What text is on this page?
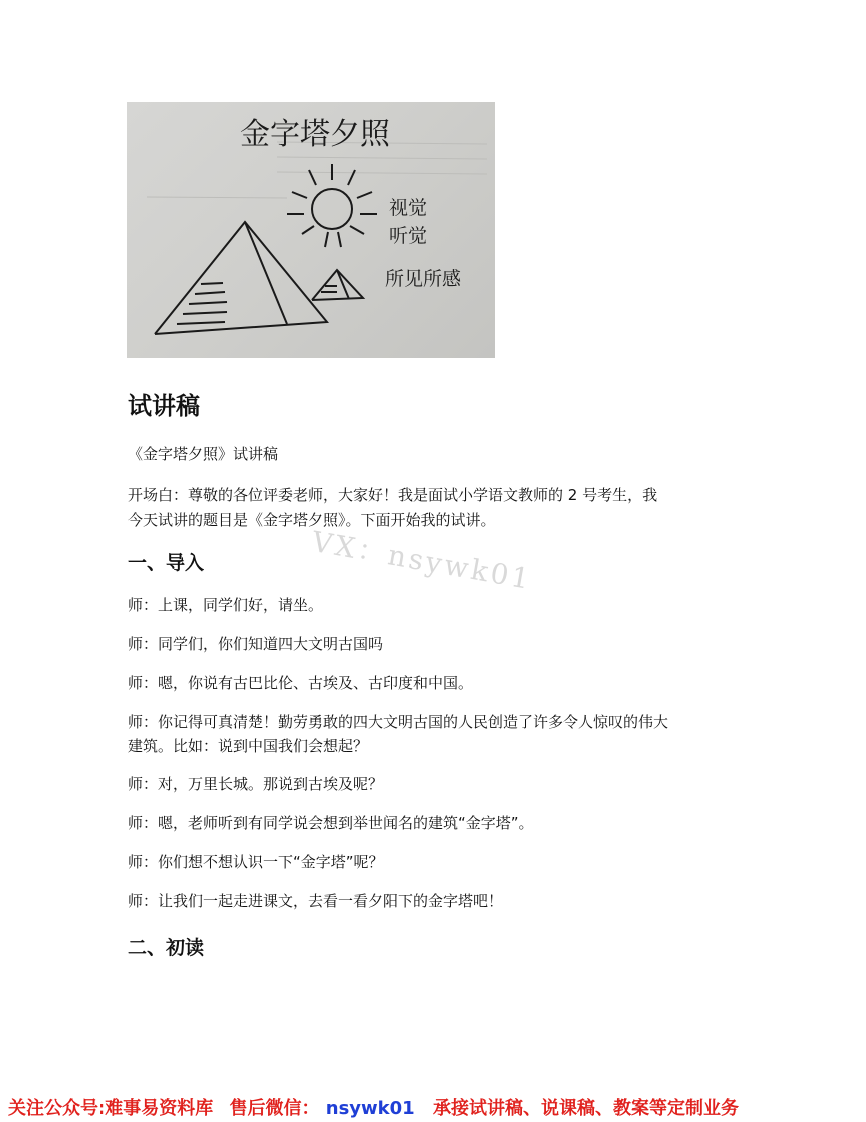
金字塔夕照
视觉
听觉
所见所感
试讲稿

《金字塔夕照》试讲稿

开场白：尊敬的各位评委老师，大家好！我是面试小学语文教师的 2 号考生，我

今天试讲的题目是《金字塔夕照》。下面开始我的试讲。

一、导入

师：上课，同学们好，请坐。

师：同学们，你们知道四大文明古国吗

师：嗯，你说有古巴比伦、古埃及、古印度和中国。

师：你记得可真清楚！勤劳勇敢的四大文明古国的人民创造了许多令人惊叹的伟大

建筑。比如：说到中国我们会想起？

师：对，万里长城。那说到古埃及呢？

师：嗯，老师听到有同学说会想到举世闻名的建筑“金字塔”。

师：你们想不想认识一下“金字塔”呢？

师：让我们一起走进课文，去看一看夕阳下的金字塔吧！

二、初读
VX：nsywk01
关注公众号:难事易资料库 售后微信： nsywk01 承接试讲稿、说课稿、教案等定制业务
